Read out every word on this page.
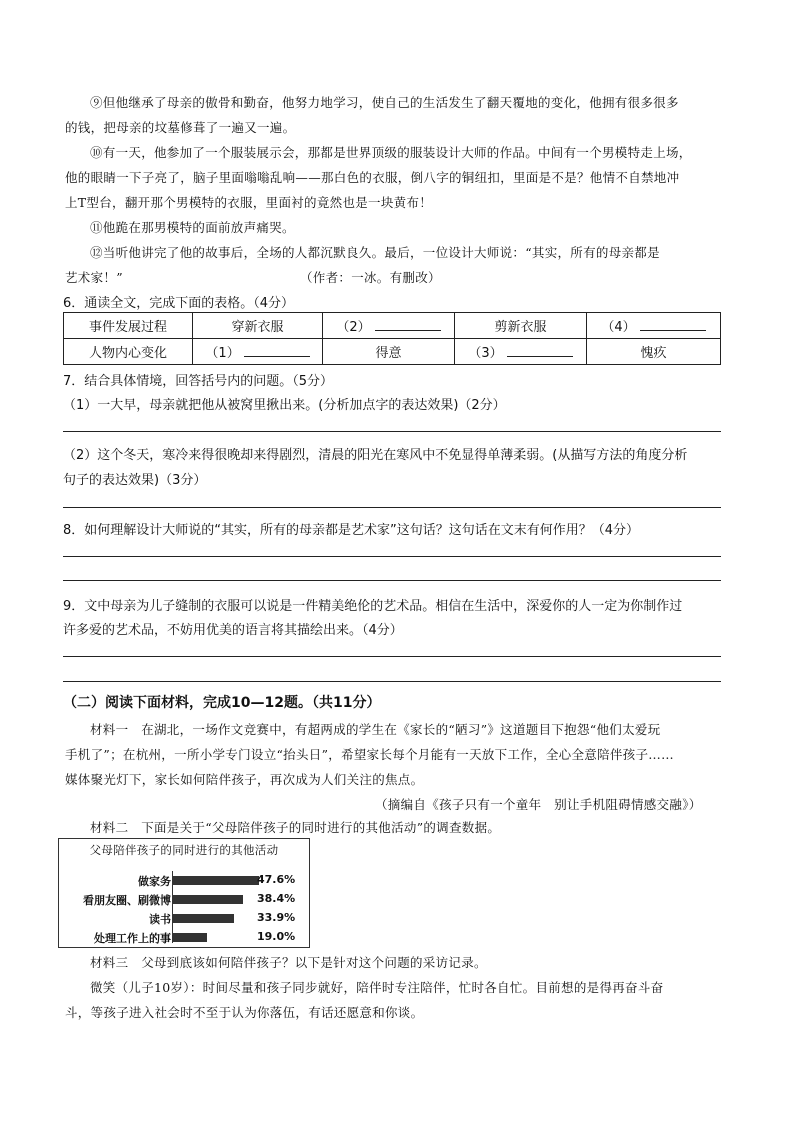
⑨但他继承了母亲的傲骨和勤奋，他努力地学习，使自己的生活发生了翻天覆地的变化，他拥有很多很多
的钱，把母亲的坟墓修葺了一遍又一遍。
⑩有一天，他参加了一个服装展示会，那都是世界顶级的服装设计大师的作品。中间有一个男模特走上场，
他的眼睛一下子亮了，脑子里面嗡嗡乱响——那白色的衣服，倒八字的铜纽扣，里面是不是？他情不自禁地冲
上T型台，翻开那个男模特的衣服，里面衬的竟然也是一块黄布！
⑪他跪在那男模特的面前放声痛哭。
⑫当听他讲完了他的故事后，全场的人都沉默良久。最后，一位设计大师说：“其实，所有的母亲都是
艺术家！”	（作者：一冰。有删改）
6．通读全文，完成下面的表格。（4分）
事件发展过程	穿新衣服	（2）	剪新衣服	（4）
人物内心变化	（1）	得意	（3）	愧疚
7．结合具体情境，回答括号内的问题。（5分）
（1）一大早，母亲就把他从被窝里揪出来。(分析加点字的表达效果)（2分）
（2）这个冬天，寒冷来得很晚却来得剧烈，清晨的阳光在寒风中不免显得单薄柔弱。(从描写方法的角度分析
句子的表达效果)（3分）
8．如何理解设计大师说的“其实，所有的母亲都是艺术家”这句话？这句话在文末有何作用？（4分）
9．文中母亲为儿子缝制的衣服可以说是一件精美绝伦的艺术品。相信在生活中，深爱你的人一定为你制作过
许多爱的艺术品，不妨用优美的语言将其描绘出来。（4分）
（二）阅读下面材料，完成10—12题。（共11分）
材料一　在湖北，一场作文竞赛中，有超两成的学生在《家长的“陋习”》这道题目下抱怨“他们太爱玩
手机了”；在杭州，一所小学专门设立“抬头日”，希望家长每个月能有一天放下工作，全心全意陪伴孩子……
媒体聚光灯下，家长如何陪伴孩子，再次成为人们关注的焦点。
（摘编自《孩子只有一个童年　别让手机阻碍情感交融》）
材料二　下面是关于“父母陪伴孩子的同时进行的其他活动”的调查数据。
父母陪伴孩子的同时进行的其他活动
做家务	47.6%
看朋友圈、刷微博	38.4%
读书	33.9%
处理工作上的事	19.0%
材料三　父母到底该如何陪伴孩子？以下是针对这个问题的采访记录。
微笑（儿子10岁）：时间尽量和孩子同步就好，陪伴时专注陪伴，忙时各自忙。目前想的是得再奋斗奋
斗，等孩子进入社会时不至于认为你落伍，有话还愿意和你谈。
